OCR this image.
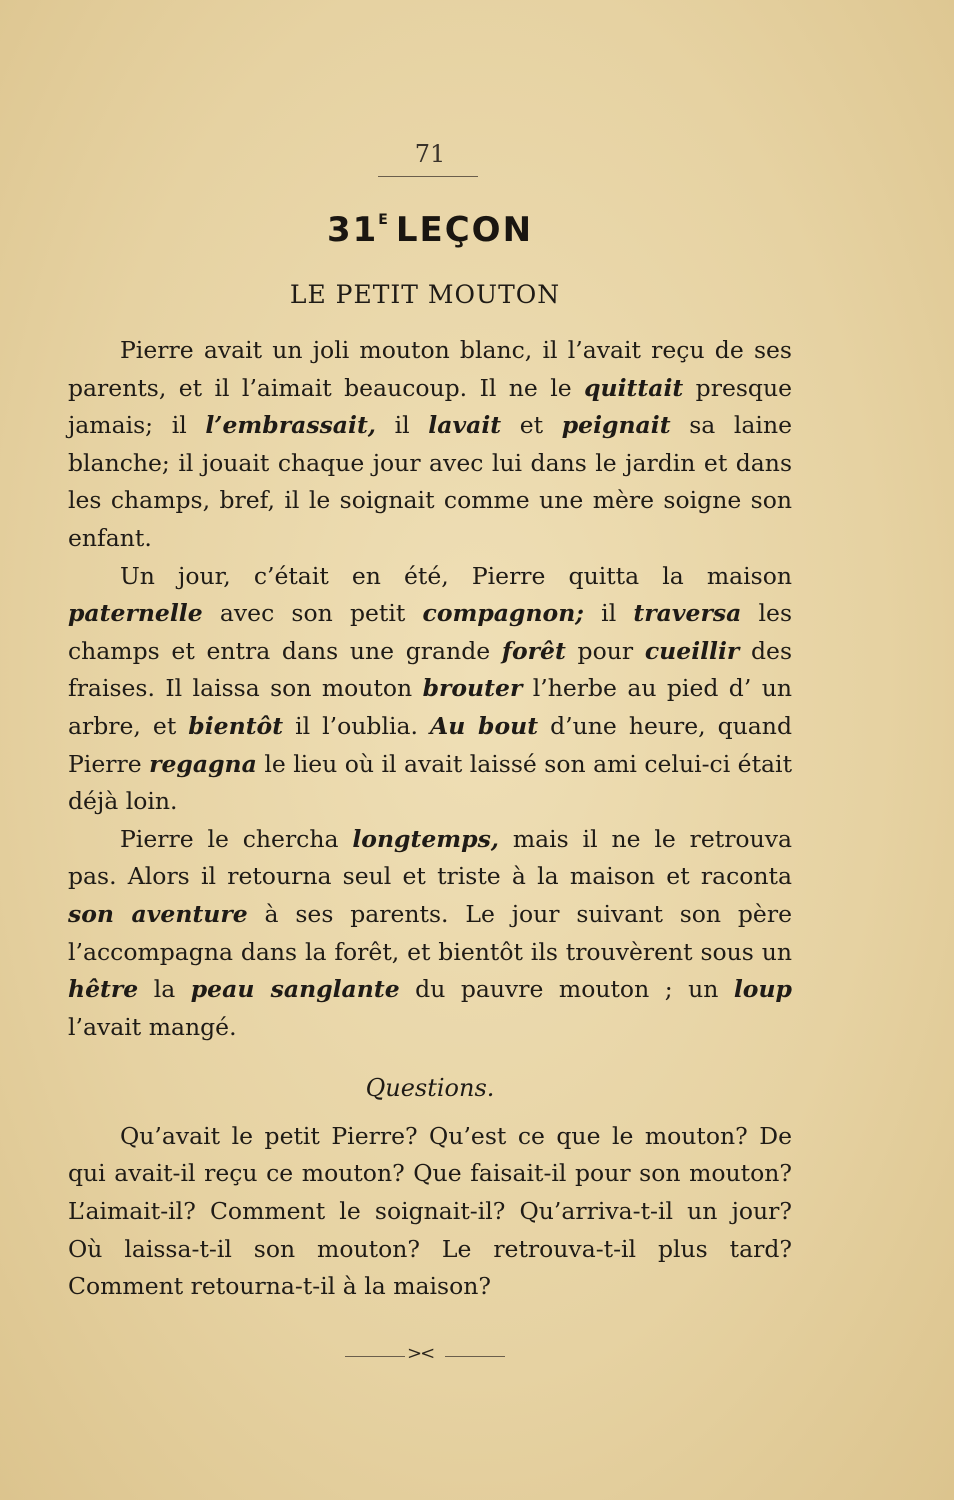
71
$31^E$ LEÇON
LE PETIT MOUTON

Pierre avait un joli mouton blanc, il l’avait reçu de ses parents, et il l’aimait beaucoup. Il ne le quittait presque jamais; il l’embrassait, il lavait et peignait sa laine blanche; il jouait chaque jour avec lui dans le jardin et dans les champs, bref, il le soignait comme une mère soigne son enfant.

Un jour, c’était en été, Pierre quitta la maison paternelle avec son petit compagnon; il traversa les champs et entra dans une grande forêt pour cueillir des fraises. Il laissa son mouton brouter l’herbe au pied d’ un arbre, et bientôt il l’oublia. Au bout d’une heure, quand Pierre regagna le lieu où il avait laissé son ami celui-ci était déjà loin.

Pierre le chercha longtemps, mais il ne le retrouva pas. Alors il retourna seul et triste à la maison et raconta son aventure à ses parents. Le jour suivant son père l’accompagna dans la forêt, et bientôt ils trouvèrent sous un hêtre la peau sanglante du pauvre mouton ; un loup l’avait mangé.

Questions.

Qu’avait le petit Pierre? Qu’est ce que le mouton? De qui avait-il reçu ce mouton? Que faisait-il pour son mouton? L’aimait-il? Comment le soignait-il? Qu’arriva-t-il un jour? Où laissa-t-il son mouton? Le retrouva-t-il plus tard? Comment retourna-t-il à la maison?

><
